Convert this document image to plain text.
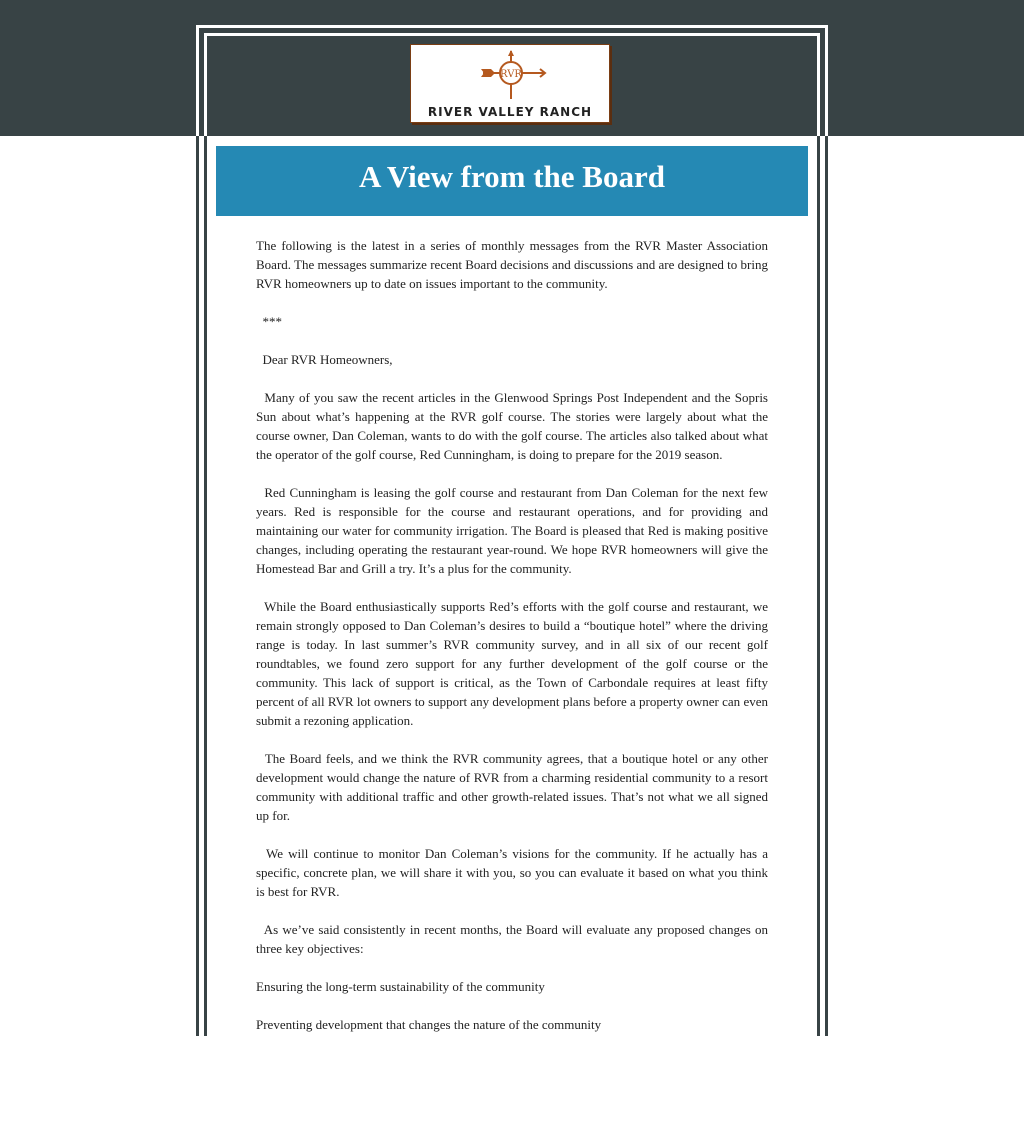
RVR
RIVER VALLEY RANCH
A View from the Board

The following is the latest in a series of monthly messages from the RVR Master Association Board. The messages summarize recent Board decisions and discussions and are designed to bring RVR homeowners up to date on issues important to the community.

***

Dear RVR Homeowners,

Many of you saw the recent articles in the Glenwood Springs Post Independent and the Sopris Sun about what’s happening at the RVR golf course. The stories were largely about what the course owner, Dan Coleman, wants to do with the golf course. The articles also talked about what the operator of the golf course, Red Cunningham, is doing to prepare for the 2019 season.

Red Cunningham is leasing the golf course and restaurant from Dan Coleman for the next few years. Red is responsible for the course and restaurant operations, and for providing and maintaining our water for community irrigation. The Board is pleased that Red is making positive changes, including operating the restaurant year-round. We hope RVR homeowners will give the Homestead Bar and Grill a try. It’s a plus for the community.

While the Board enthusiastically supports Red’s efforts with the golf course and restaurant, we remain strongly opposed to Dan Coleman’s desires to build a “boutique hotel” where the driving range is today. In last summer’s RVR community survey, and in all six of our recent golf roundtables, we found zero support for any further development of the golf course or the community. This lack of support is critical, as the Town of Carbondale requires at least fifty percent of all RVR lot owners to support any development plans before a property owner can even submit a rezoning application.

The Board feels, and we think the RVR community agrees, that a boutique hotel or any other development would change the nature of RVR from a charming residential community to a resort community with additional traffic and other growth-related issues. That’s not what we all signed up for.

We will continue to monitor Dan Coleman’s visions for the community. If he actually has a specific, concrete plan, we will share it with you, so you can evaluate it based on what you think is best for RVR.

As we’ve said consistently in recent months, the Board will evaluate any proposed changes on three key objectives:

Ensuring the long-term sustainability of the community

Preventing development that changes the nature of the community
